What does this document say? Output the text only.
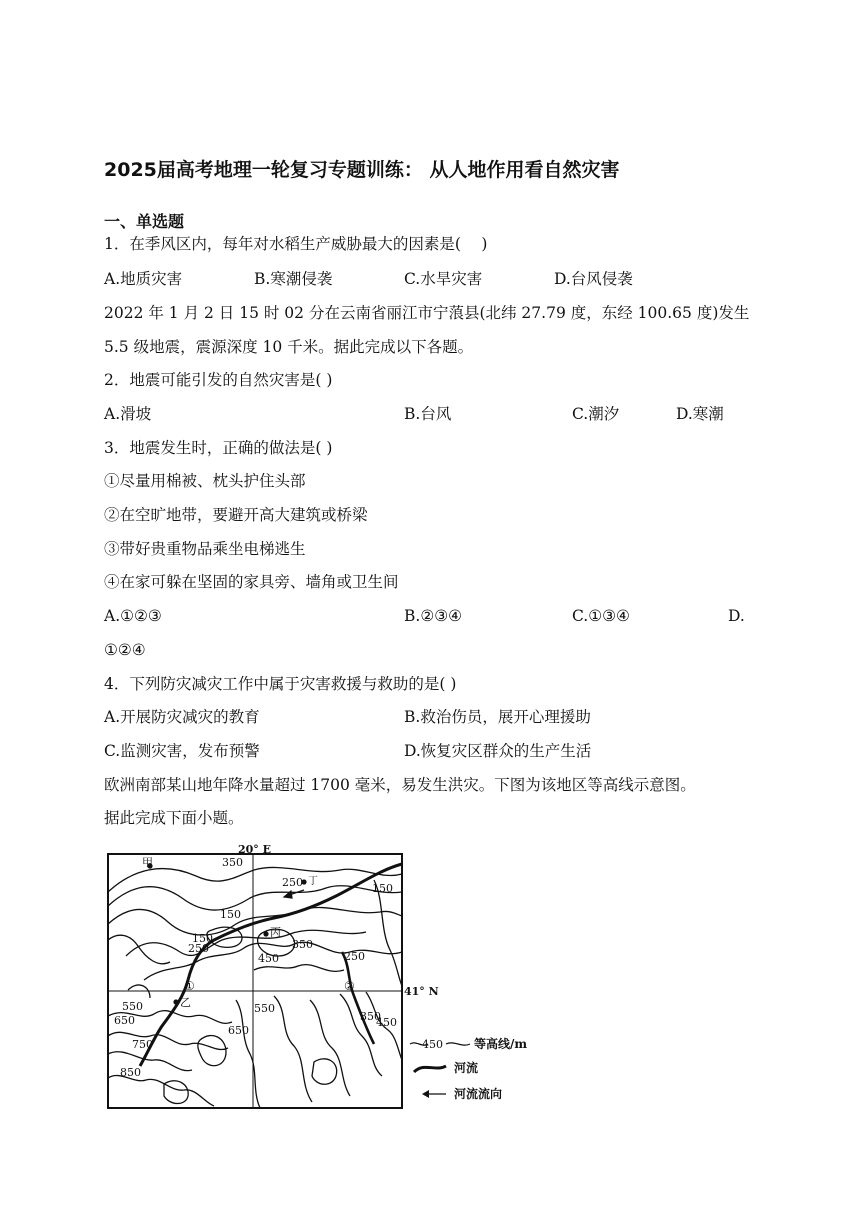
2025届高考地理一轮复习专题训练： 从人地作用看自然灾害
一、单选题
1．在季风区内，每年对水稻生产威胁最大的因素是(　 )
A.地质灾害	B.寒潮侵袭	C.水旱灾害	D.台风侵袭
2022 年 1 月 2 日 15 时 02 分在云南省丽江市宁蒗县(北纬 27.79 度，东经 100.65 度)发生
5.5 级地震，震源深度 10 千米。据此完成以下各题。
2．地震可能引发的自然灾害是( )
A.滑坡	B.台风	C.潮汐	D.寒潮
3．地震发生时，正确的做法是( )
①尽量用棉被、枕头护住头部
②在空旷地带，要避开高大建筑或桥梁
③带好贵重物品乘坐电梯逃生
④在家可躲在坚固的家具旁、墙角或卫生间
A.①②③	B.②③④	C.①③④	D.
①②④
4．下列防灾减灾工作中属于灾害救援与救助的是( )
A.开展防灾减灾的教育	B.救治伤员，展开心理援助
C.监测灾害，发布预警	D.恢复灾区群众的生产生活
欧洲南部某山地年降水量超过 1700 毫米，易发生洪灾。下图为该地区等高线示意图。
据此完成下面小题。
甲
丁
丙
乙
①	②
20° E
41° N
350
250
150
150
250	350
450	250
550
650
750
850
550
650
350
450
150
450	等高线/m
河流
河流流向
